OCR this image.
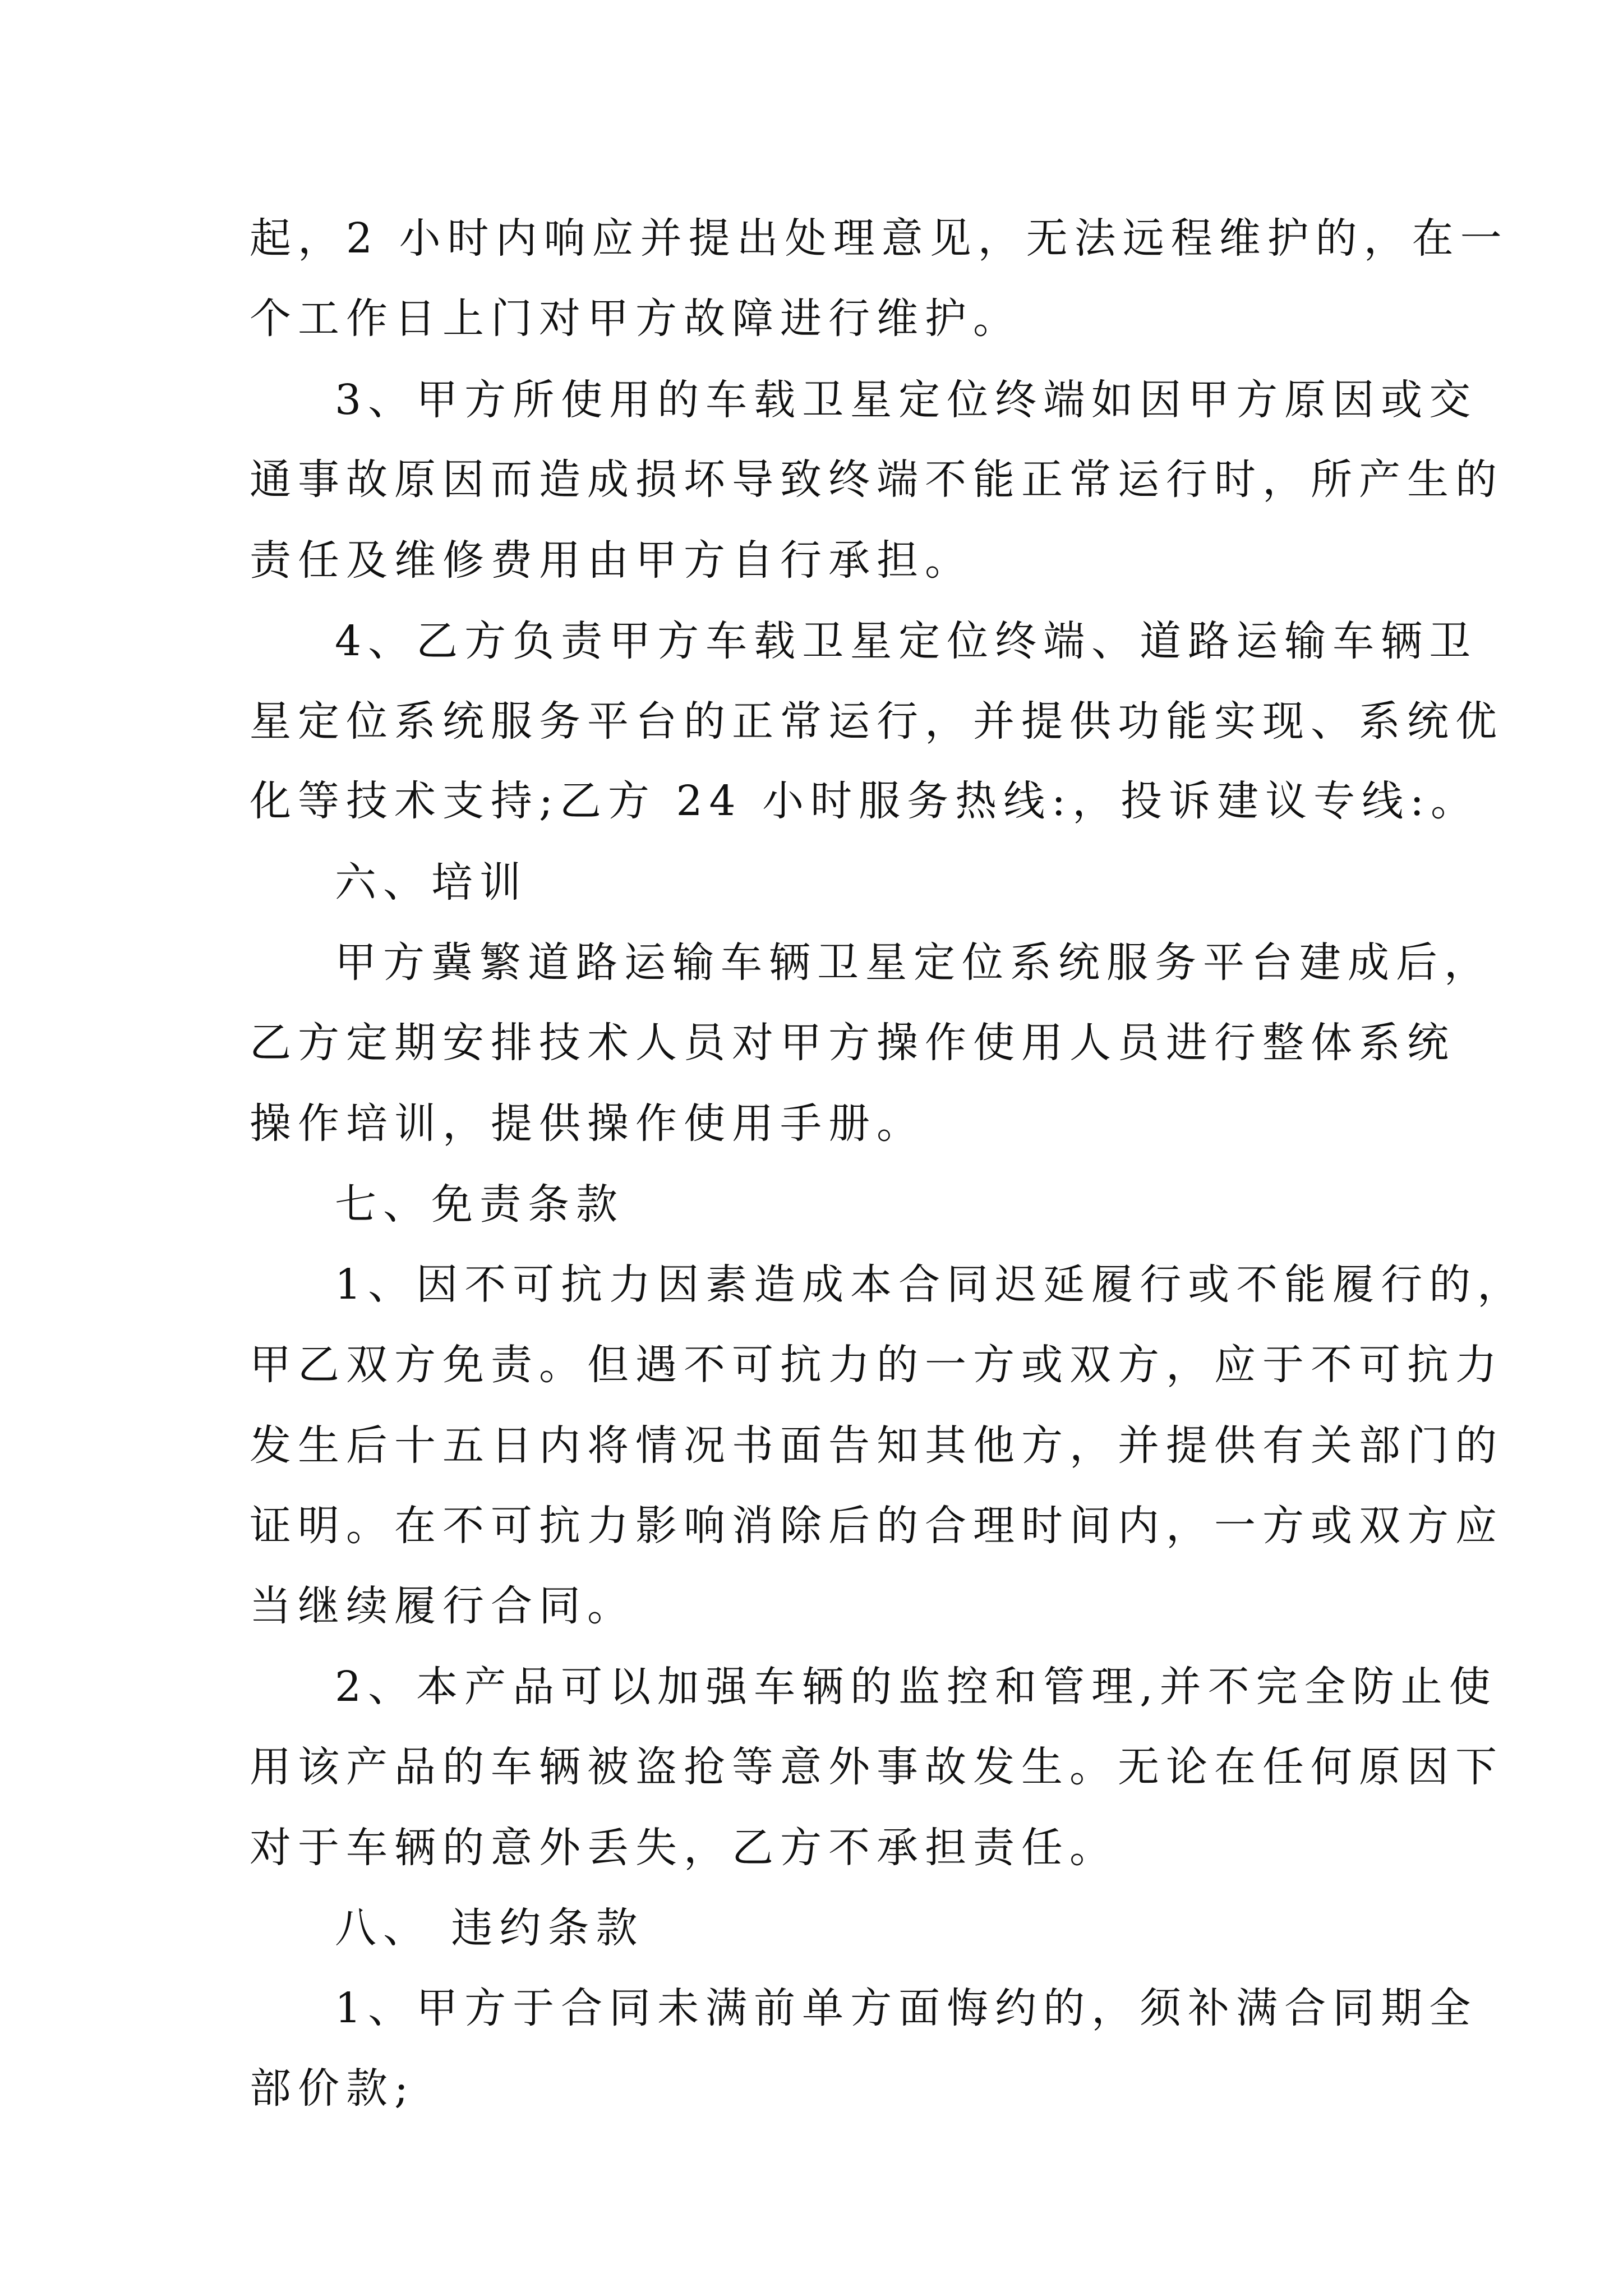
起，2 小时内响应并提出处理意见，无法远程维护的，在一
个工作日上门对甲方故障进行维护。
3、甲方所使用的车载卫星定位终端如因甲方原因或交
通事故原因而造成损坏导致终端不能正常运行时，所产生的
责任及维修费用由甲方自行承担。
4、乙方负责甲方车载卫星定位终端、道路运输车辆卫
星定位系统服务平台的正常运行，并提供功能实现、系统优
化等技术支持;乙方 24 小时服务热线:，投诉建议专线:。
六、培训
甲方冀繁道路运输车辆卫星定位系统服务平台建成后，
乙方定期安排技术人员对甲方操作使用人员进行整体系统
操作培训，提供操作使用手册。
七、免责条款
1、因不可抗力因素造成本合同迟延履行或不能履行的，
甲乙双方免责。但遇不可抗力的一方或双方，应于不可抗力
发生后十五日内将情况书面告知其他方，并提供有关部门的
证明。在不可抗力影响消除后的合理时间内，一方或双方应
当继续履行合同。
2、本产品可以加强车辆的监控和管理,并不完全防止使
用该产品的车辆被盗抢等意外事故发生。无论在任何原因下
对于车辆的意外丢失，乙方不承担责任。
八、 违约条款
1、甲方于合同未满前单方面悔约的，须补满合同期全
部价款;
